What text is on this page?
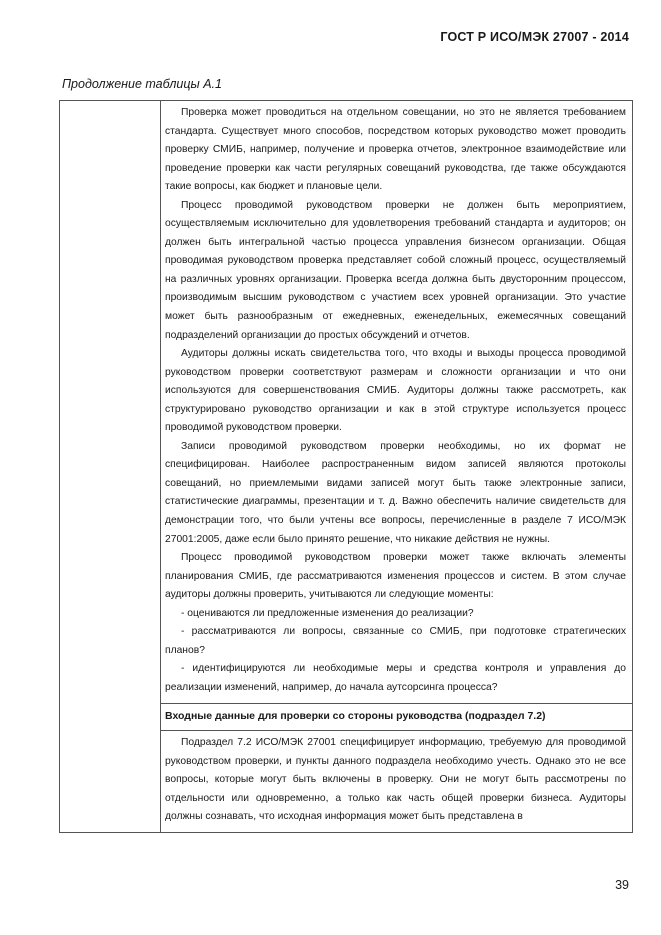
ГОСТ Р ИСО/МЭК 27007 - 2014
Продолжение таблицы А.1

Проверка может проводиться на отдельном совещании, но это не является требованием стандарта. Существует много способов, посредством которых руководство может проводить проверку СМИБ, например, получение и проверка отчетов, электронное взаимодействие или проведение проверки как части регулярных совещаний руководства, где также обсуждаются такие вопросы, как бюджет и плановые цели.

Процесс проводимой руководством проверки не должен быть мероприятием, осуществляемым исключительно для удовлетворения требований стандарта и аудиторов; он должен быть интегральной частью процесса управления бизнесом организации. Общая проводимая руководством проверка представляет собой сложный процесс, осуществляемый на различных уровнях организации. Проверка всегда должна быть двусторонним процессом, производимым высшим руководством с участием всех уровней организации. Это участие может быть разнообразным от ежедневных, еженедельных, ежемесячных совещаний подразделений организации до простых обсуждений и отчетов.

Аудиторы должны искать свидетельства того, что входы и выходы процесса проводимой руководством проверки соответствуют размерам и сложности организации и что они используются для совершенствования СМИБ. Аудиторы должны также рассмотреть, как структурировано руководство организации и как в этой структуре используется процесс проводимой руководством проверки.

Записи проводимой руководством проверки необходимы, но их формат не специфицирован. Наиболее распространенным видом записей являются протоколы совещаний, но приемлемыми видами записей могут быть также электронные записи, статистические диаграммы, презентации и т. д. Важно обеспечить наличие свидетельств для демонстрации того, что были учтены все вопросы, перечисленные в разделе 7 ИСО/МЭК 27001:2005, даже если было принято решение, что никакие действия не нужны.

Процесс проводимой руководством проверки может также включать элементы планирования СМИБ, где рассматриваются изменения процессов и систем. В этом случае аудиторы должны проверить, учитываются ли следующие моменты:

- оцениваются ли предложенные изменения до реализации?

- рассматриваются ли вопросы, связанные со СМИБ, при подготовке стратегических планов?

- идентифицируются ли необходимые меры и средства контроля и управления до реализации изменений, например, до начала аутсорсинга процесса?

Входные данные для проверки со стороны руководства (подраздел 7.2)

Подраздел 7.2 ИСО/МЭК 27001 специфицирует информацию, требуемую для проводимой руководством проверки, и пункты данного подраздела необходимо учесть. Однако это не все вопросы, которые могут быть включены в проверку. Они не могут быть рассмотрены по отдельности или одновременно, а только как часть общей проверки бизнеса. Аудиторы должны сознавать, что исходная информация может быть представлена в

39
